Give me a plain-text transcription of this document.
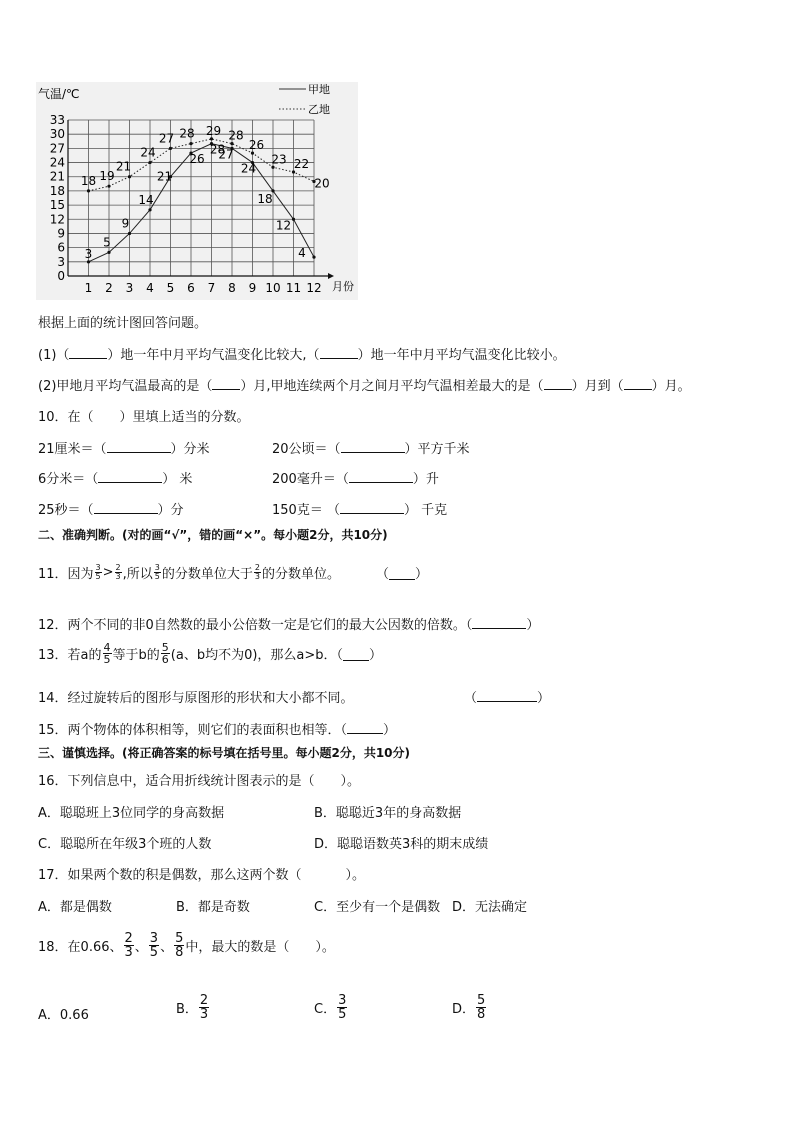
气温/℃
月份
0
3
6
9
12
15
18
21
24
27
30
33
1 2 3 4 5 6 7 8 9 10 11 12
3
5
9
14
21
26
28
27
24
18
12
4
18 19
21
24
27 28 29 28
26
23 22
20
甲地
乙地
根据上面的统计图回答问题。
(1)（	）地一年中月平均气温变化比较大,（	）地一年中月平均气温变化比较小。
(2)甲地月平均气温最高的是（ ）月,甲地连续两个月之间月平均气温相差最大的是（ ）月到（ ）月。
10．在（　　）里填上适当的分数。
21厘米＝（	）分米	20公顷＝（	）平方千米
6分米＝（	） 米	200毫升＝（	）升
25秒＝（	）分	150克＝ （	） 千克
二、准确判断。(对的画“√”，错的画“×”。每小题2分，共10分)
11．因为 $\frac{3}{5} > \frac{2}{3}$ ,所以 $\frac{3}{5}$ 的分数单位大于 $\frac{2}{3}$ 的分数单位。	（ ）
12．两个不同的非0自然数的最小公倍数一定是它们的最大公因数的倍数。（	）
13．若a的 $\frac{4}{5}$ 等于b的 $\frac{5}{6} (a$、b均不为0)，那么a>b．（ ）
14．经过旋转后的图形与原图形的形状和大小都不同。	（	）
15．两个物体的体积相等，则它们的表面积也相等．（	）
三、谨慎选择。(将正确答案的标号填在括号里。每小题2分，共10分)
16．下列信息中，适合用折线统计图表示的是（　　）。
A．聪聪班上3位同学的身高数据	B．聪聪近3年的身高数据
C．聪聪所在年级3个班的人数	D．聪聪语数英3科的期末成绩
17．如果两个数的积是偶数，那么这两个数（	）。
A．都是偶数	B．都是奇数	C．至少有一个是偶数 D．无法确定
18．在0.66、 $\frac{2}{3}$ 、 $\frac{3}{5}$ 、 $\frac{5}{8}$ 中，最大的数是（　　）。
A．0.66	B． $\frac{2}{3}$	C． $\frac{3}{5}$	D． $\frac{5}{8}$
